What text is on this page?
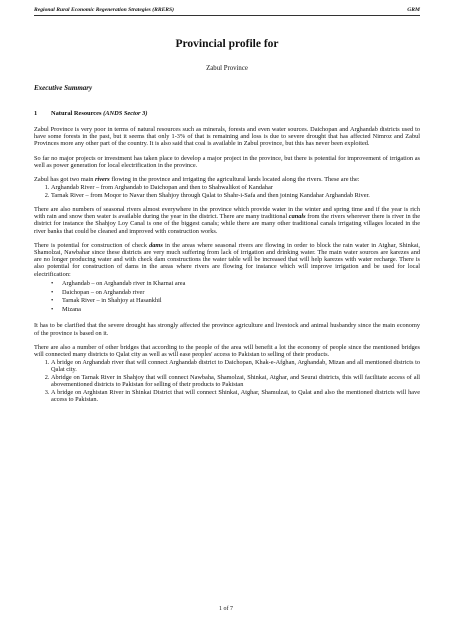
Regional Rural Economic Regeneration Strategies (RRERS)	GRM
Provincial profile for
Zabul Province
Executive Summary
1 Natural Resources (ANDS Sector 3)

Zabul Province is very poor in terms of natural resources such as minerals, forests and even water sources. Daichopan and Arghandab districts used to have some forests in the past, but it seems that only 1-3% of that is remaining and loss is due to severe drought that has affected Nimroz and Zabul Provinces more any other part of the country. It is also said that coal is available in Zabul province, but this has never been exploited.

So far no major projects or investment has taken place to develop a major project in the province, but there is potential for improvement of irrigation as well as power generation for local electrification in the province.

Zabul has got two main rivers flowing in the province and irrigating the agricultural lands located along the rivers. These are the:

1. Arghandab River – from Arghandab to Daichopan and then to Shahwalikot of Kandahar
2. Tarnak River – from Moqor to Navar then Shahjoy through Qalat to Shahr-i-Safa and then joining Kandahar Arghandab River.

There are also numbers of seasonal rivers almost everywhere in the province which provide water in the winter and spring time and if the year is rich with rain and snow then water is available during the year in the district. There are many traditional canals from the rivers wherever there is river in the district for instance the Shahjoy Loy Canal is one of the biggest canals; while there are many other traditional canals irrigating villages located in the river banks that could be cleaned and improved with construction works.

There is potential for construction of check dams in the areas where seasonal rivers are flowing in order to block the rain water in Atghar, Shinkai, Shamolzai, Nawbahar since these districts are very much suffering from lack of irrigation and drinking water. The main water sources are karezes and are no longer producing water and with check dam constructions the water table will be increased that will help karezes with water recharge. There is also potential for construction of dams in the areas where rivers are flowing for instance which will improve irrigation and be used for local electrification:

• Arghandab – on Arghandab river in Kharnai area
• Daichopan – on Arghandab river
• Tarnak River – in Shahjoy at Hasankhil
• Mizana

It has to be clarified that the severe drought has strongly affected the province agriculture and livestock and animal husbandry since the main economy of the province is based on it.

There are also a number of other bridges that according to the people of the area will benefit a lot the economy of people since the mentioned bridges will connected many districts to Qalat city as well as will ease peoples' access to Pakistan to selling of their products.

1. A bridge on Arghandab river that will connect Arghandab district to Daichopan, Khak-e-Afghan, Arghandab, Mizan and all mentioned districts to Qalat city.
2. Abridge on Tarnak River in Shahjoy that will connect Nawbaha, Shamolzai, Shinkai, Atghar, and Seurai districts, this will facilitate access of all abovementioned districts to Pakistan for selling of their products to Pakistan
3. A bridge on Arghistan River in Shinkai District that will connect Shinkai, Atghar, Shamulzai, to Qalat and also the mentioned districts will have access to Pakistan.
1 of 7
